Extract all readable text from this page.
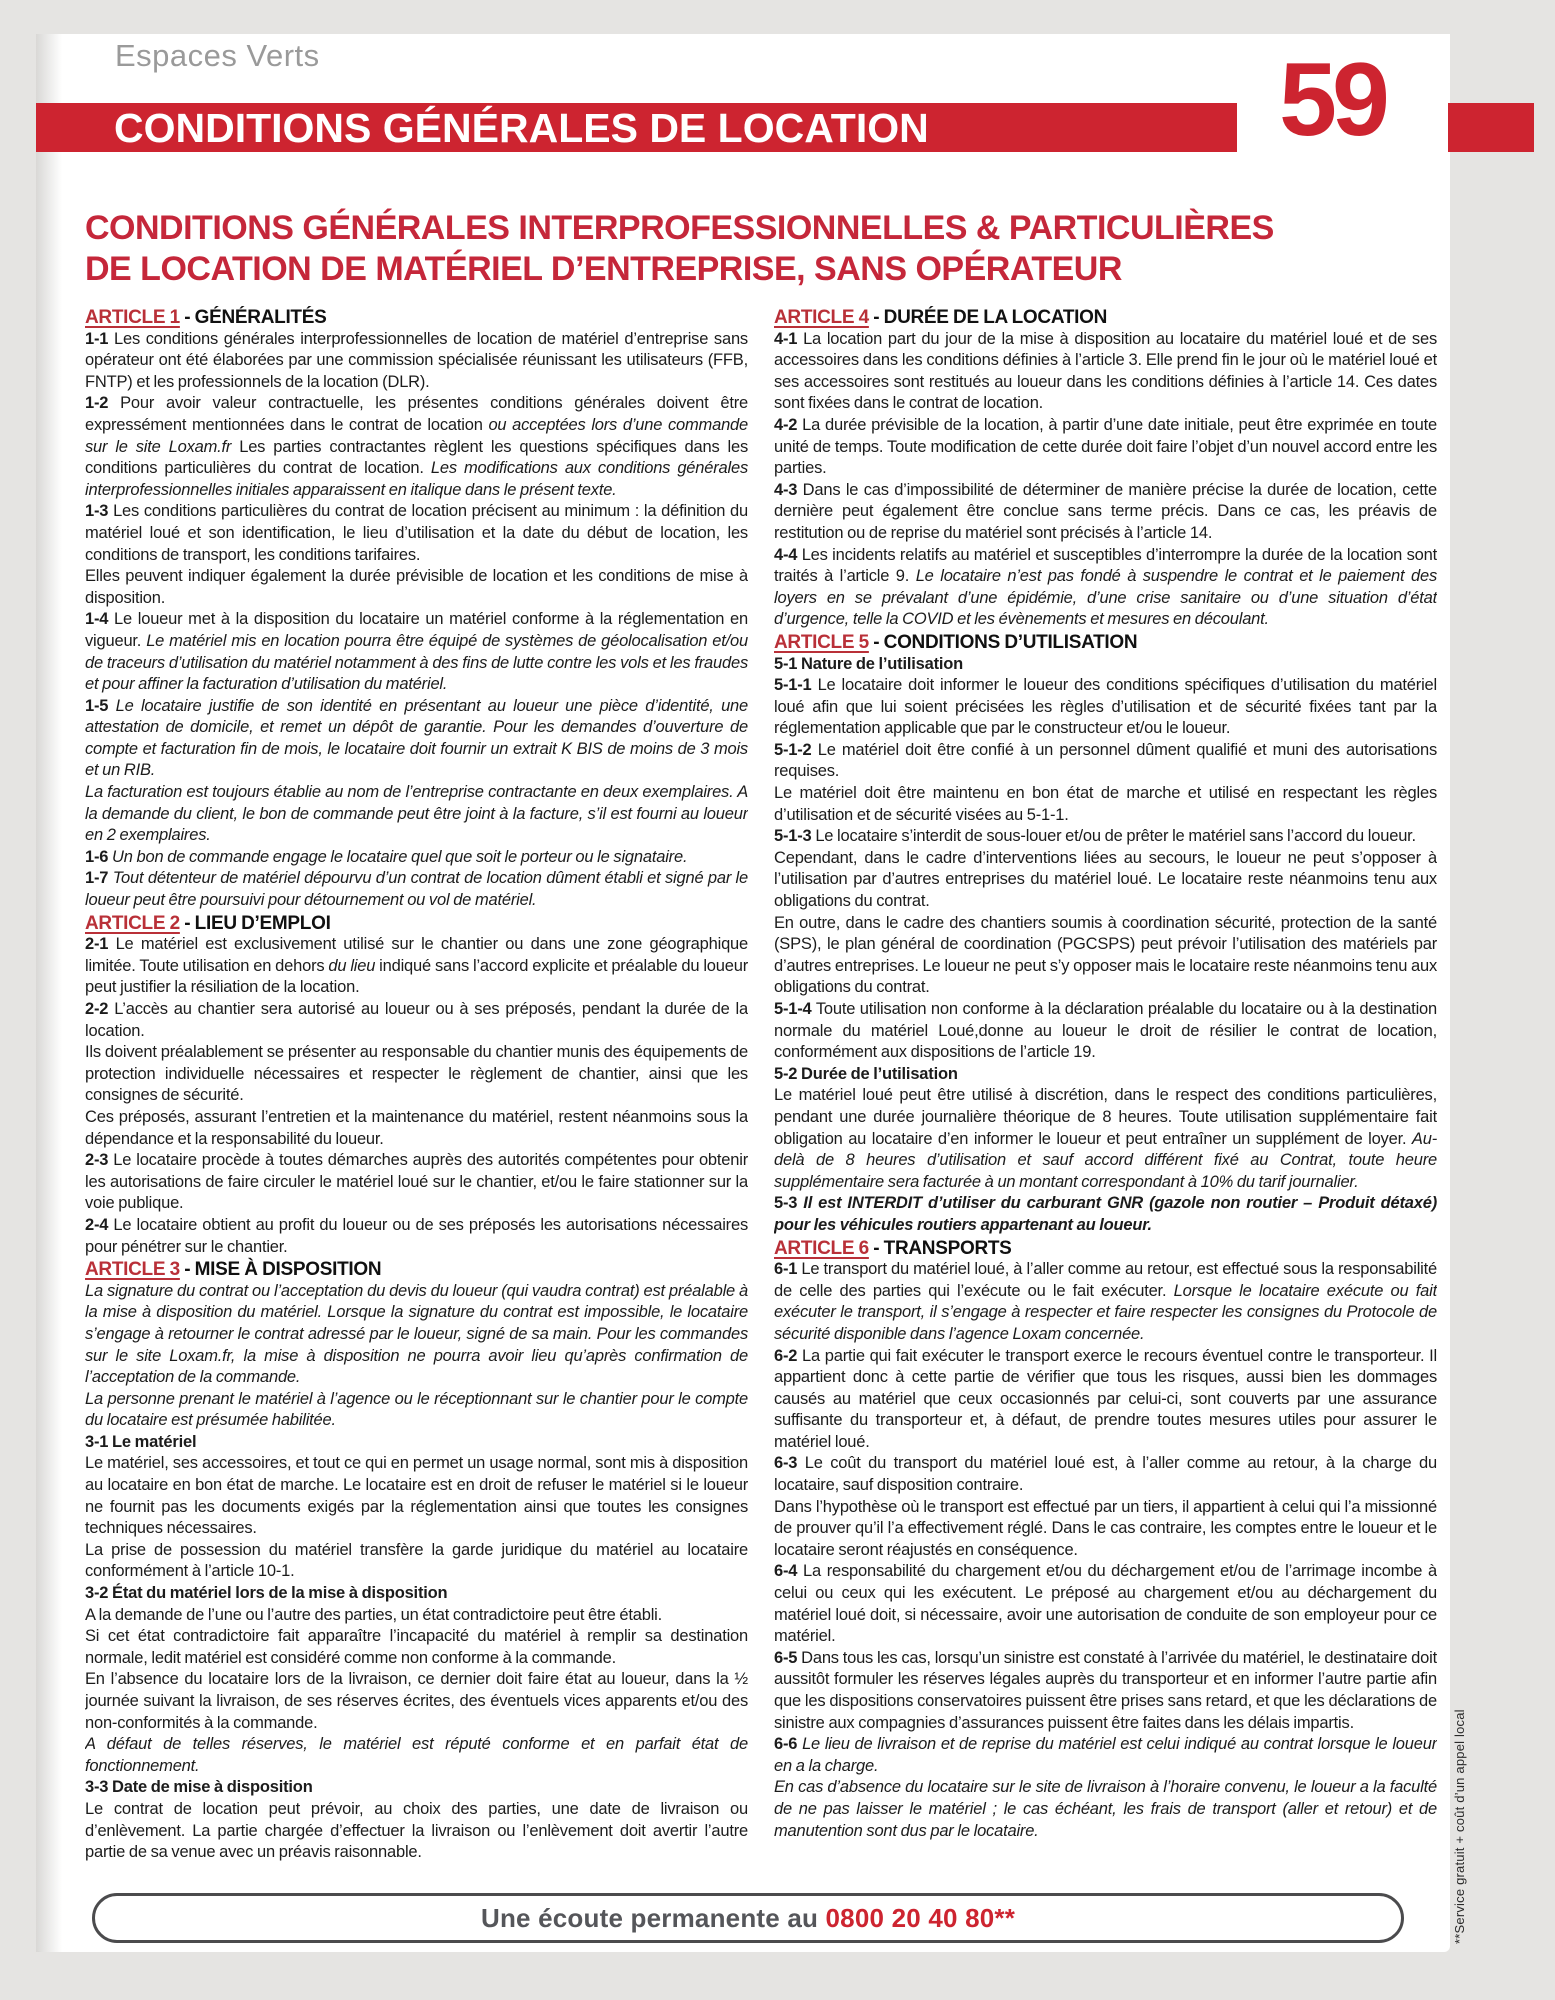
Espaces Verts
CONDITIONS GÉNÉRALES DE LOCATION	59
CONDITIONS GÉNÉRALES INTERPROFESSIONNELLES & PARTICULIÈRES
DE LOCATION DE MATÉRIEL D’ENTREPRISE, SANS OPÉRATEUR
ARTICLE 1 - GÉNÉRALITÉS

1-1 Les conditions générales interprofessionnelles de location de matériel d’entreprise sans opérateur ont été élaborées par une commission spécialisée réunissant les utilisateurs (FFB, FNTP) et les professionnels de la location (DLR).

1-2 Pour avoir valeur contractuelle, les présentes conditions générales doivent être expressément mentionnées dans le contrat de location ou acceptées lors d’une commande sur le site Loxam.fr Les parties contractantes règlent les questions spécifiques dans les conditions particulières du contrat de location. Les modifications aux conditions générales interprofessionnelles initiales apparaissent en italique dans le présent texte.

1-3 Les conditions particulières du contrat de location précisent au minimum : la définition du matériel loué et son identification, le lieu d’utilisation et la date du début de location, les conditions de transport, les conditions tarifaires.

Elles peuvent indiquer également la durée prévisible de location et les conditions de mise à disposition.

1-4 Le loueur met à la disposition du locataire un matériel conforme à la réglementation en vigueur. Le matériel mis en location pourra être équipé de systèmes de géolocalisation et/ou de traceurs d’utilisation du matériel notamment à des fins de lutte contre les vols et les fraudes et pour affiner la facturation d’utilisation du matériel.

1-5 Le locataire justifie de son identité en présentant au loueur une pièce d’identité, une attestation de domicile, et remet un dépôt de garantie. Pour les demandes d’ouverture de compte et facturation fin de mois, le locataire doit fournir un extrait K BIS de moins de 3 mois et un RIB.

La facturation est toujours établie au nom de l’entreprise contractante en deux exemplaires. A la demande du client, le bon de commande peut être joint à la facture, s’il est fourni au loueur en 2 exemplaires.

1-6 Un bon de commande engage le locataire quel que soit le porteur ou le signataire.

1-7 Tout détenteur de matériel dépourvu d’un contrat de location dûment établi et signé par le loueur peut être poursuivi pour détournement ou vol de matériel.

ARTICLE 2 - LIEU D’EMPLOI

2-1 Le matériel est exclusivement utilisé sur le chantier ou dans une zone géographique limitée. Toute utilisation en dehors du lieu indiqué sans l’accord explicite et préalable du loueur peut justifier la résiliation de la location.

2-2 L’accès au chantier sera autorisé au loueur ou à ses préposés, pendant la durée de la location.

Ils doivent préalablement se présenter au responsable du chantier munis des équipements de protection individuelle nécessaires et respecter le règlement de chantier, ainsi que les consignes de sécurité.

Ces préposés, assurant l’entretien et la maintenance du matériel, restent néanmoins sous la dépendance et la responsabilité du loueur.

2-3 Le locataire procède à toutes démarches auprès des autorités compétentes pour obtenir les autorisations de faire circuler le matériel loué sur le chantier, et/ou le faire stationner sur la voie publique.

2-4 Le locataire obtient au profit du loueur ou de ses préposés les autorisations nécessaires pour pénétrer sur le chantier.

ARTICLE 3 - MISE À DISPOSITION

La signature du contrat ou l’acceptation du devis du loueur (qui vaudra contrat) est préalable à la mise à disposition du matériel. Lorsque la signature du contrat est impossible, le locataire s’engage à retourner le contrat adressé par le loueur, signé de sa main. Pour les commandes sur le site Loxam.fr, la mise à disposition ne pourra avoir lieu qu’après confirmation de l’acceptation de la commande.

La personne prenant le matériel à l’agence ou le réceptionnant sur le chantier pour le compte du locataire est présumée habilitée.

3-1 Le matériel

Le matériel, ses accessoires, et tout ce qui en permet un usage normal, sont mis à disposition au locataire en bon état de marche. Le locataire est en droit de refuser le matériel si le loueur ne fournit pas les documents exigés par la réglementation ainsi que toutes les consignes techniques nécessaires.

La prise de possession du matériel transfère la garde juridique du matériel au locataire conformément à l’article 10-1.

3-2 État du matériel lors de la mise à disposition

A la demande de l’une ou l’autre des parties, un état contradictoire peut être établi.

Si cet état contradictoire fait apparaître l’incapacité du matériel à remplir sa destination normale, ledit matériel est considéré comme non conforme à la commande.

En l’absence du locataire lors de la livraison, ce dernier doit faire état au loueur, dans la ½ journée suivant la livraison, de ses réserves écrites, des éventuels vices apparents et/ou des non-conformités à la commande.

A défaut de telles réserves, le matériel est réputé conforme et en parfait état de fonctionnement.

3-3 Date de mise à disposition

Le contrat de location peut prévoir, au choix des parties, une date de livraison ou d’enlèvement. La partie chargée d’effectuer la livraison ou l’enlèvement doit avertir l’autre partie de sa venue avec un préavis raisonnable.

ARTICLE 4 - DURÉE DE LA LOCATION

4-1 La location part du jour de la mise à disposition au locataire du matériel loué et de ses accessoires dans les conditions définies à l’article 3. Elle prend fin le jour où le matériel loué et ses accessoires sont restitués au loueur dans les conditions définies à l’article 14. Ces dates sont fixées dans le contrat de location.

4-2 La durée prévisible de la location, à partir d’une date initiale, peut être exprimée en toute unité de temps. Toute modification de cette durée doit faire l’objet d’un nouvel accord entre les parties.

4-3 Dans le cas d’impossibilité de déterminer de manière précise la durée de location, cette dernière peut également être conclue sans terme précis. Dans ce cas, les préavis de restitution ou de reprise du matériel sont précisés à l’article 14.

4-4 Les incidents relatifs au matériel et susceptibles d’interrompre la durée de la location sont traités à l’article 9. Le locataire n’est pas fondé à suspendre le contrat et le paiement des loyers en se prévalant d’une épidémie, d’une crise sanitaire ou d’une situation d’état d’urgence, telle la COVID et les évènements et mesures en découlant.

ARTICLE 5 - CONDITIONS D’UTILISATION
5-1 Nature de l’utilisation

5-1-1 Le locataire doit informer le loueur des conditions spécifiques d’utilisation du matériel loué afin que lui soient précisées les règles d’utilisation et de sécurité fixées tant par la réglementation applicable que par le constructeur et/ou le loueur.

5-1-2 Le matériel doit être confié à un personnel dûment qualifié et muni des autorisations requises.

Le matériel doit être maintenu en bon état de marche et utilisé en respectant les règles d’utilisation et de sécurité visées au 5-1-1.

5-1-3 Le locataire s’interdit de sous-louer et/ou de prêter le matériel sans l’accord du loueur.

Cependant, dans le cadre d’interventions liées au secours, le loueur ne peut s’opposer à l’utilisation par d’autres entreprises du matériel loué. Le locataire reste néanmoins tenu aux obligations du contrat.

En outre, dans le cadre des chantiers soumis à coordination sécurité, protection de la santé (SPS), le plan général de coordination (PGCSPS) peut prévoir l’utilisation des matériels par d’autres entreprises. Le loueur ne peut s’y opposer mais le locataire reste néanmoins tenu aux obligations du contrat.

5-1-4 Toute utilisation non conforme à la déclaration préalable du locataire ou à la destination normale du matériel Loué,donne au loueur le droit de résilier le contrat de location, conformément aux dispositions de l’article 19.

5-2 Durée de l’utilisation

Le matériel loué peut être utilisé à discrétion, dans le respect des conditions particulières, pendant une durée journalière théorique de 8 heures. Toute utilisation supplémentaire fait obligation au locataire d’en informer le loueur et peut entraîner un supplément de loyer. Au-delà de 8 heures d’utilisation et sauf accord différent fixé au Contrat, toute heure supplémentaire sera facturée à un montant correspondant à 10% du tarif journalier.

5-3 Il est INTERDIT d’utiliser du carburant GNR (gazole non routier – Produit détaxé) pour les véhicules routiers appartenant au loueur.

ARTICLE 6 - TRANSPORTS

6-1 Le transport du matériel loué, à l’aller comme au retour, est effectué sous la responsabilité de celle des parties qui l’exécute ou le fait exécuter. Lorsque le locataire exécute ou fait exécuter le transport, il s’engage à respecter et faire respecter les consignes du Protocole de sécurité disponible dans l’agence Loxam concernée.

6-2 La partie qui fait exécuter le transport exerce le recours éventuel contre le transporteur. Il appartient donc à cette partie de vérifier que tous les risques, aussi bien les dommages causés au matériel que ceux occasionnés par celui-ci, sont couverts par une assurance suffisante du transporteur et, à défaut, de prendre toutes mesures utiles pour assurer le matériel loué.

6-3 Le coût du transport du matériel loué est, à l’aller comme au retour, à la charge du locataire, sauf disposition contraire.

Dans l’hypothèse où le transport est effectué par un tiers, il appartient à celui qui l’a missionné de prouver qu’il l’a effectivement réglé. Dans le cas contraire, les comptes entre le loueur et le locataire seront réajustés en conséquence.

6-4 La responsabilité du chargement et/ou du déchargement et/ou de l’arrimage incombe à celui ou ceux qui les exécutent. Le préposé au chargement et/ou au déchargement du matériel loué doit, si nécessaire, avoir une autorisation de conduite de son employeur pour ce matériel.

6-5 Dans tous les cas, lorsqu’un sinistre est constaté à l’arrivée du matériel, le destinataire doit aussitôt formuler les réserves légales auprès du transporteur et en informer l’autre partie afin que les dispositions conservatoires puissent être prises sans retard, et que les déclarations de sinistre aux compagnies d’assurances puissent être faites dans les délais impartis.

6-6 Le lieu de livraison et de reprise du matériel est celui indiqué au contrat lorsque le loueur en a la charge.

En cas d’absence du locataire sur le site de livraison à l’horaire convenu, le loueur a la faculté de ne pas laisser le matériel ; le cas échéant, les frais de transport (aller et retour) et de manutention sont dus par le locataire.

Une écoute permanente au 0800 20 40 80 **	**Service gratuit + coût d’un appel local
